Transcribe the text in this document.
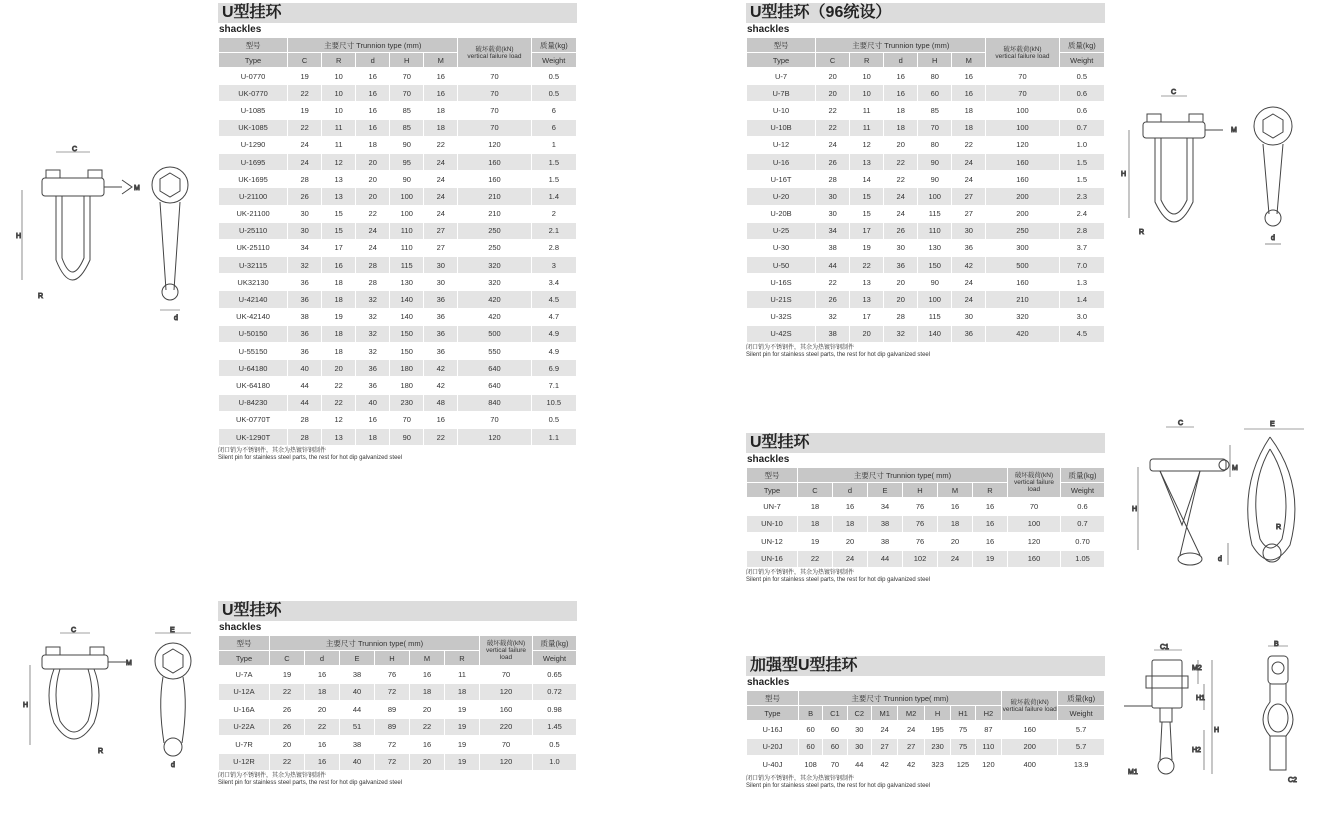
U型挂环
shackles
型号	主要尺寸 Trunnion type (mm)					破坏载荷(kN)
vertical failure load	质量(kg)
Type	C	R	d	H	M		Weight
U-0770	19	10	16	70	16	70	0.5
UK-0770	22	10	16	70	16	70	0.5
U-1085	19	10	16	85	18	70	6
UK-1085	22	11	16	85	18	70	6
U-1290	24	11	18	90	22	120	1
U-1695	24	12	20	95	24	160	1.5
UK-1695	28	13	20	90	24	160	1.5
U-21100	26	13	20	100	24	210	1.4
UK-21100	30	15	22	100	24	210	2
U-25110	30	15	24	110	27	250	2.1
UK-25110	34	17	24	110	27	250	2.8
U-32115	32	16	28	115	30	320	3
UK32130	36	18	28	130	30	320	3.4
U-42140	36	18	32	140	36	420	4.5
UK-42140	38	19	32	140	36	420	4.7
U-50150	36	18	32	150	36	500	4.9
U-55150	36	18	32	150	36	550	4.9
U-64180	40	20	36	180	42	640	6.9
UK-64180	44	22	36	180	42	640	7.1
U-84230	44	22	40	230	48	840	10.5
UK-0770T	28	12	16	70	16	70	0.5
UK-1290T	28	13	18	90	22	120	1.1
闭口销为不锈钢件，其余为热镀锌钢制件
Silent pin for stainless steel parts, the rest for hot dip galvanized steel
U型挂环
shackles
型号	主要尺寸 Trunnion type( mm)						破坏载荷(kN)
vertical failure load	质量(kg)
Type	C	d	E	H	M	R		Weight
U-7A	19	16	38	76	16	11	70	0.65
U-12A	22	18	40	72	18	18	120	0.72
U-16A	26	20	44	89	20	19	160	0.98
U-22A	26	22	51	89	22	19	220	1.45
U-7R	20	16	38	72	16	19	70	0.5
U-12R	22	16	40	72	20	19	120	1.0
闭口销为不锈钢件，其余为热镀锌钢制件
Silent pin for stainless steel parts, the rest for hot dip galvanized steel
U型挂环（96统设）
shackles
型号	主要尺寸 Trunnion type (mm)					破坏载荷(kN)
vertical failure load	质量(kg)
Type	C	R	d	H	M		Weight
U-7	20	10	16	80	16	70	0.5
U-7B	20	10	16	60	16	70	0.6
U-10	22	11	18	85	18	100	0.6
U-10B	22	11	18	70	18	100	0.7
U-12	24	12	20	80	22	120	1.0
U-16	26	13	22	90	24	160	1.5
U-16T	28	14	22	90	24	160	1.5
U-20	30	15	24	100	27	200	2.3
U-20B	30	15	24	115	27	200	2.4
U-25	34	17	26	110	30	250	2.8
U-30	38	19	30	130	36	300	3.7
U-50	44	22	36	150	42	500	7.0
U-16S	22	13	20	90	24	160	1.3
U-21S	26	13	20	100	24	210	1.4
U-32S	32	17	28	115	30	320	3.0
U-42S	38	20	32	140	36	420	4.5
闭口销为不锈钢件，其余为热镀锌钢制件
Silent pin for stainless steel parts, the rest for hot dip galvanized steel
U型挂环
shackles
型号	主要尺寸 Trunnion type( mm)						破坏载荷(kN)
vertical failure load	质量(kg)
Type	C	d	E	H	M	R		Weight
UN-7	18	16	34	76	16	16	70	0.6
UN-10	18	18	38	76	18	16	100	0.7
UN-12	19	20	38	76	20	16	120	0.70
UN-16	22	24	44	102	24	19	160	1.05
闭口销为不锈钢件，其余为热镀锌钢制件
Silent pin for stainless steel parts, the rest for hot dip galvanized steel
加强型U型挂环
shackles
型号	主要尺寸 Trunnion type( mm)								破坏载荷(kN)
vertical failure load	质量(kg)
Type	B	C1	C2	M1	M2	H	H1	H2		Weight
U-16J	60	60	30	24	24	195	75	87	160	5.7
U-20J	60	60	30	27	27	230	75	110	200	5.7
U-40J	108	70	44	42	42	323	125	120	400	13.9
闭口销为不锈钢件，其余为热镀锌钢制件
Silent pin for stainless steel parts, the rest for hot dip galvanized steel
C
M
H
R
d
C	E
H
M
R
d
C
M
H
R
d
C	E
M
H
R
d
C1
M2
B
H1
H
H2
M1
C2
